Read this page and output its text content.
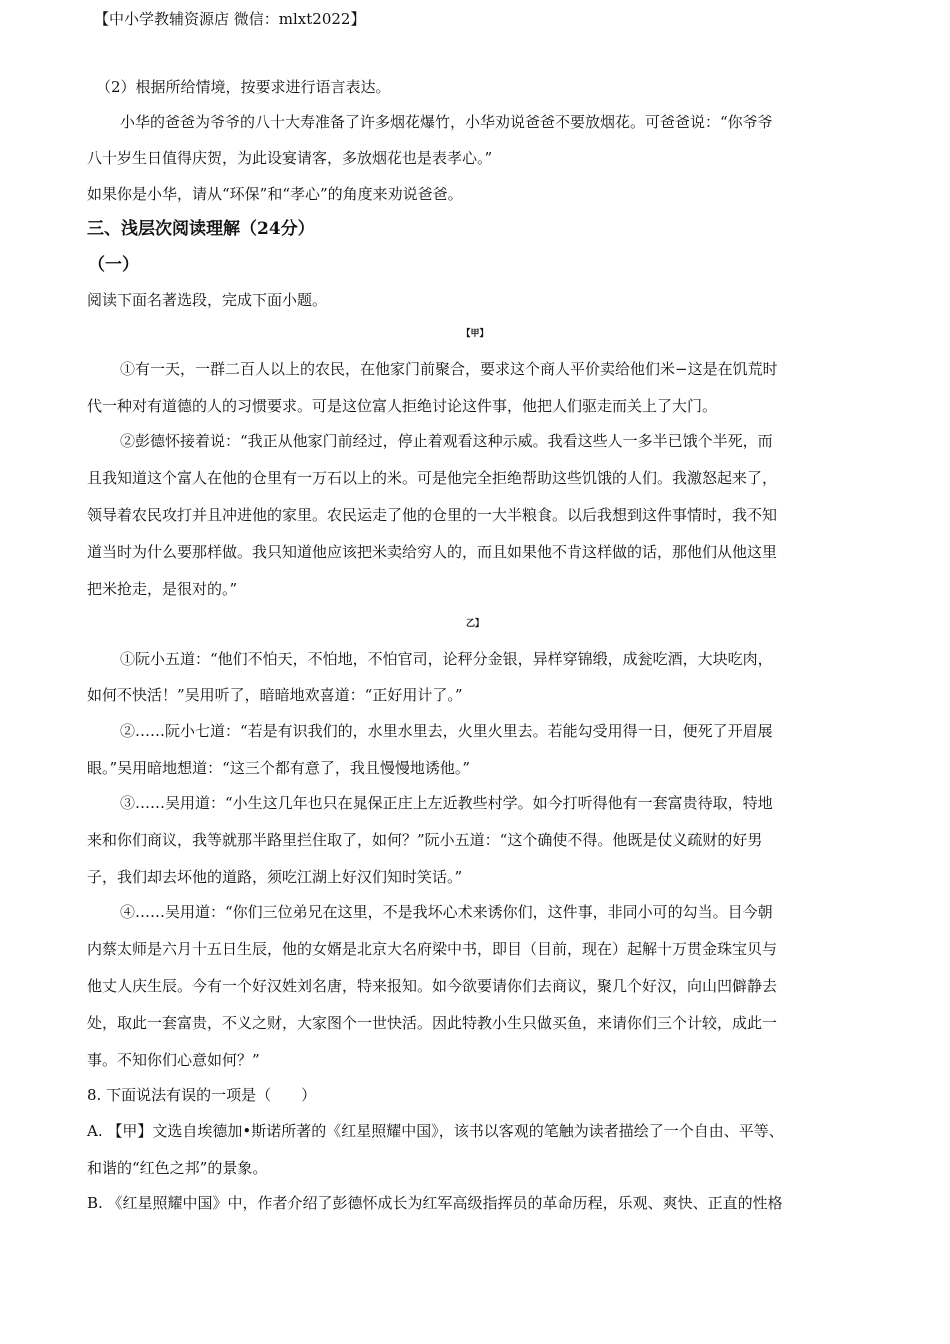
【中小学教辅资源店 微信：mlxt2022】
（2）根据所给情境，按要求进行语言表达。
小华的爸爸为爷爷的八十大寿准备了许多烟花爆竹，小华劝说爸爸不要放烟花。可爸爸说：“你爷爷
八十岁生日值得庆贺，为此设宴请客，多放烟花也是表孝心。”
如果你是小华，请从“环保”和“孝心”的角度来劝说爸爸。
三、浅层次阅读理解（24分）
（一）
阅读下面名著选段，完成下面小题。
【甲】
①有一天，一群二百人以上的农民，在他家门前聚合，要求这个商人平价卖给他们米−这是在饥荒时
代一种对有道德的人的习惯要求。可是这位富人拒绝讨论这件事，他把人们驱走而关上了大门。
②彭德怀接着说：“我正从他家门前经过，停止着观看这种示威。我看这些人一多半已饿个半死，而
且我知道这个富人在他的仓里有一万石以上的米。可是他完全拒绝帮助这些饥饿的人们。我激怒起来了，
领导着农民攻打并且冲进他的家里。农民运走了他的仓里的一大半粮食。以后我想到这件事情时，我不知
道当时为什么要那样做。我只知道他应该把米卖给穷人的，而且如果他不肯这样做的话，那他们从他这里
把米抢走，是很对的。”
乙】
①阮小五道：“他们不怕天，不怕地，不怕官司，论秤分金银，异样穿锦缎，成瓮吃酒，大块吃肉，
如何不快活！”吴用听了，暗暗地欢喜道：“正好用计了。”
②……阮小七道：“若是有识我们的，水里水里去，火里火里去。若能勾受用得一日，便死了开眉展
眼。”吴用暗地想道：“这三个都有意了，我且慢慢地诱他。”
③……吴用道：“小生这几年也只在晁保正庄上左近教些村学。如今打听得他有一套富贵待取，特地
来和你们商议，我等就那半路里拦住取了，如何？”阮小五道：“这个确使不得。他既是仗义疏财的好男
子，我们却去坏他的道路，须吃江湖上好汉们知时笑话。”
④……吴用道：“你们三位弟兄在这里，不是我坏心术来诱你们，这件事，非同小可的勾当。目今朝
内蔡太师是六月十五日生辰，他的女婿是北京大名府梁中书，即目（目前，现在）起解十万贯金珠宝贝与
他丈人庆生辰。今有一个好汉姓刘名唐，特来报知。如今欲要请你们去商议，聚几个好汉，向山凹僻静去
处，取此一套富贵，不义之财，大家图个一世快活。因此特教小生只做买鱼，来请你们三个计较，成此一
事。不知你们心意如何？”
8. 下面说法有误的一项是（　　）
A. 【甲】文选自埃德加•斯诺所著的《红星照耀中国》，该书以客观的笔触为读者描绘了一个自由、平等、
和谐的“红色之邦”的景象。
B. 《红星照耀中国》中，作者介绍了彭德怀成长为红军高级指挥员的革命历程，乐观、爽快、正直的性格
